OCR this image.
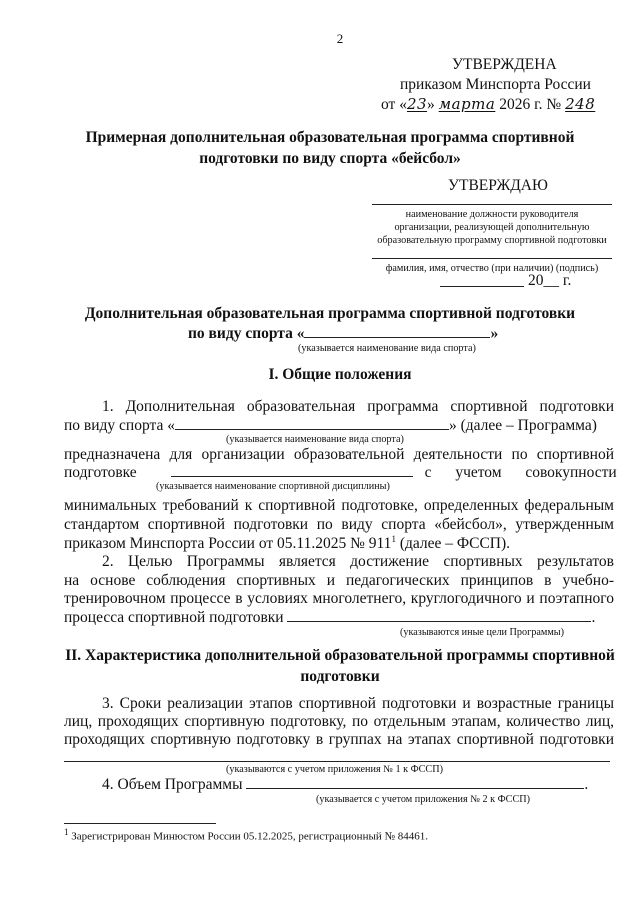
2
УТВЕРЖДЕНА
приказом Минспорта России
от «23» марта 2026 г. № 248
Примерная дополнительная образовательная программа спортивной подготовки по виду спорта «бейсбол»
УТВЕРЖДАЮ
наименование должности руководителя
организации, реализующей дополнительную
образовательную программу спортивной подготовки
фамилия, имя, отчество (при наличии) (подпись)
20__ г.
Дополнительная образовательная программа спортивной подготовки
по виду спорта «	»
(указывается наименование вида спорта)
I. Общие положения
1. Дополнительная образовательная программа спортивной подготовки
по виду спорта «	» (далее – Программа)
(указывается наименование вида спорта)
предназначена для организации образовательной деятельности по спортивной
подготовке	с учетом совокупности
(указывается наименование спортивной дисциплины)
минимальных требований к спортивной подготовке, определенных федеральным
стандартом спортивной подготовки по виду спорта «бейсбол», утвержденным
приказом Минспорта России от 05.11.2025 № $911^1$ (далее – ФССП).
2. Целью Программы является достижение спортивных результатов
на основе соблюдения спортивных и педагогических принципов в учебно-
тренировочном процессе в условиях многолетнего, круглогодичного и поэтапного
процесса спортивной подготовки	.
(указываются иные цели Программы)
II. Характеристика дополнительной образовательной программы спортивной подготовки
3. Сроки реализации этапов спортивной подготовки и возрастные границы
лиц, проходящих спортивную подготовку, по отдельным этапам, количество лиц,
проходящих спортивную подготовку в группах на этапах спортивной подготовки
(указываются с учетом приложения № 1 к ФССП)
4. Объем Программы	.
(указывается с учетом приложения № 2 к ФССП)
$^1$ Зарегистрирован Минюстом России 05.12.2025, регистрационный № 84461.
